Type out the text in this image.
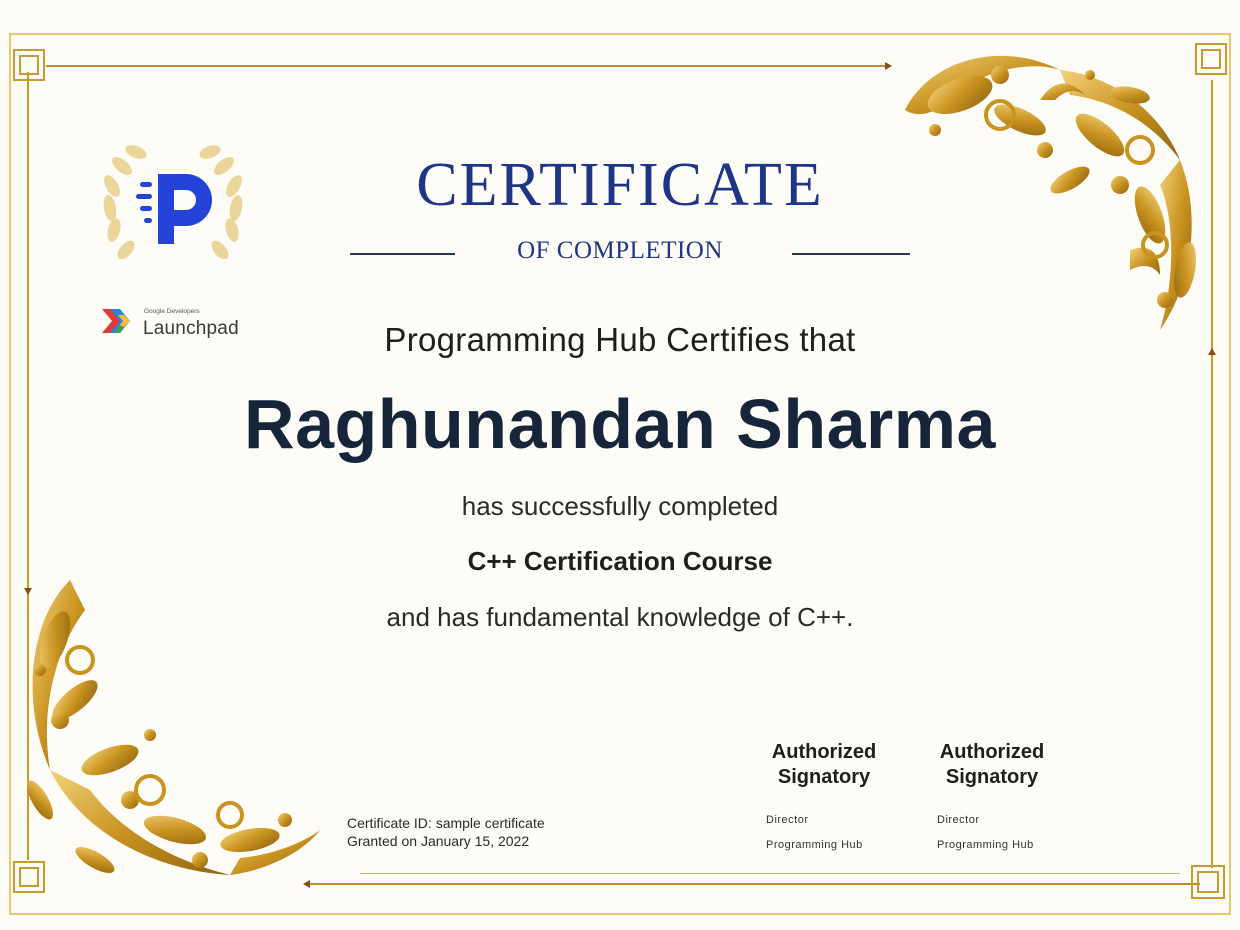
Google Developers
Launchpad
CERTIFICATE
OF COMPLETION
Programming Hub Certifies that
Raghunandan Sharma
has successfully completed
C++ Certification Course
and has fundamental knowledge of C++.
Certificate ID: sample certificate
Granted on January 15, 2022
Authorized
Signatory
Director
Programming Hub
Authorized
Signatory
Director
Programming Hub
